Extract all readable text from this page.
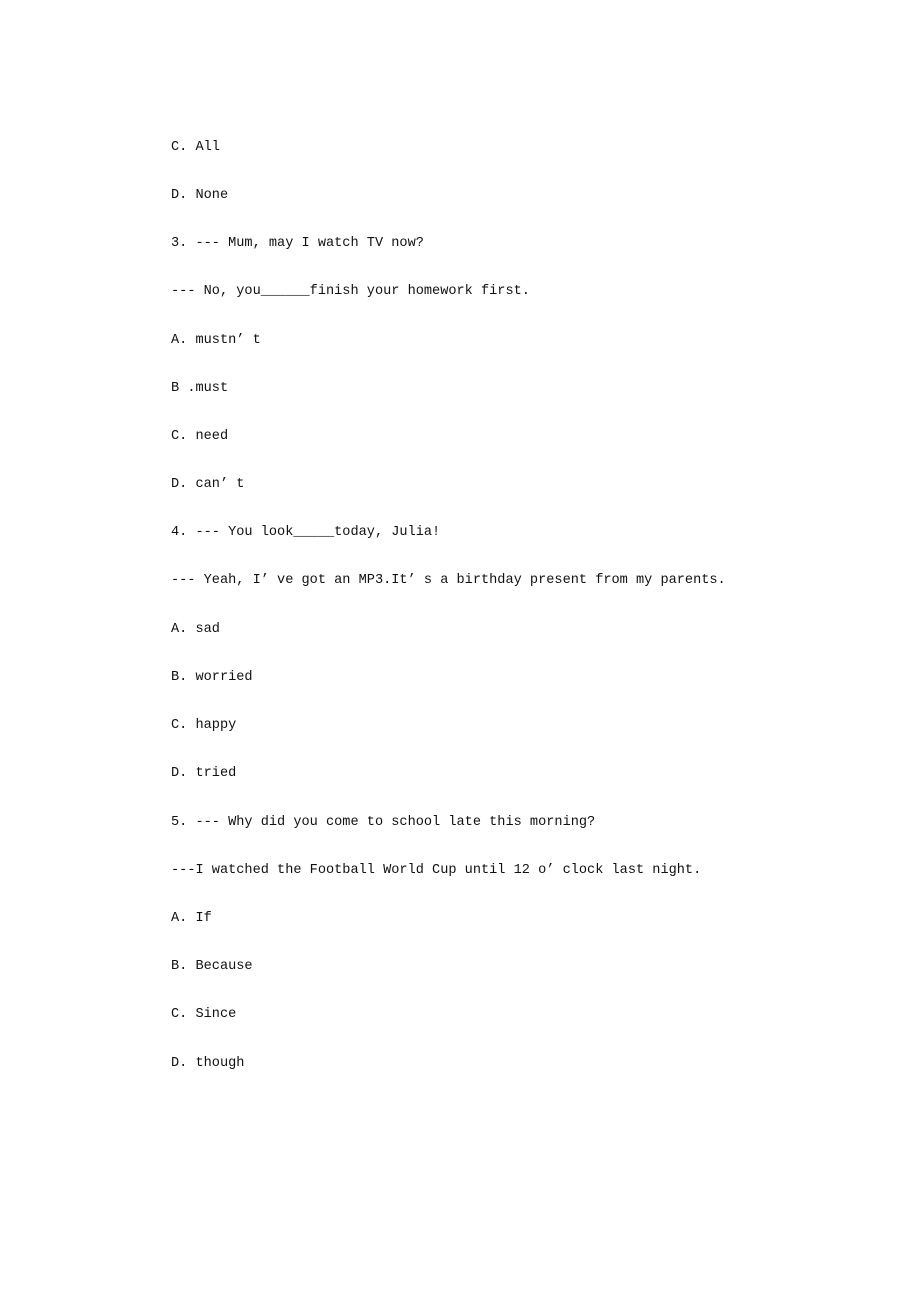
C. All
D. None
3. --- Mum, may I watch TV now?
--- No, you______finish your homework first.
A. mustn’ t
B .must
C. need
D. can’ t
4. --- You look_____today, Julia!
--- Yeah, I’ ve got an MP3.It’ s a birthday present from my parents.
A. sad
B. worried
C. happy
D. tried
5. --- Why did you come to school late this morning?
---I watched the Football World Cup until 12 o’ clock last night.
A. If
B. Because
C. Since
D. though
